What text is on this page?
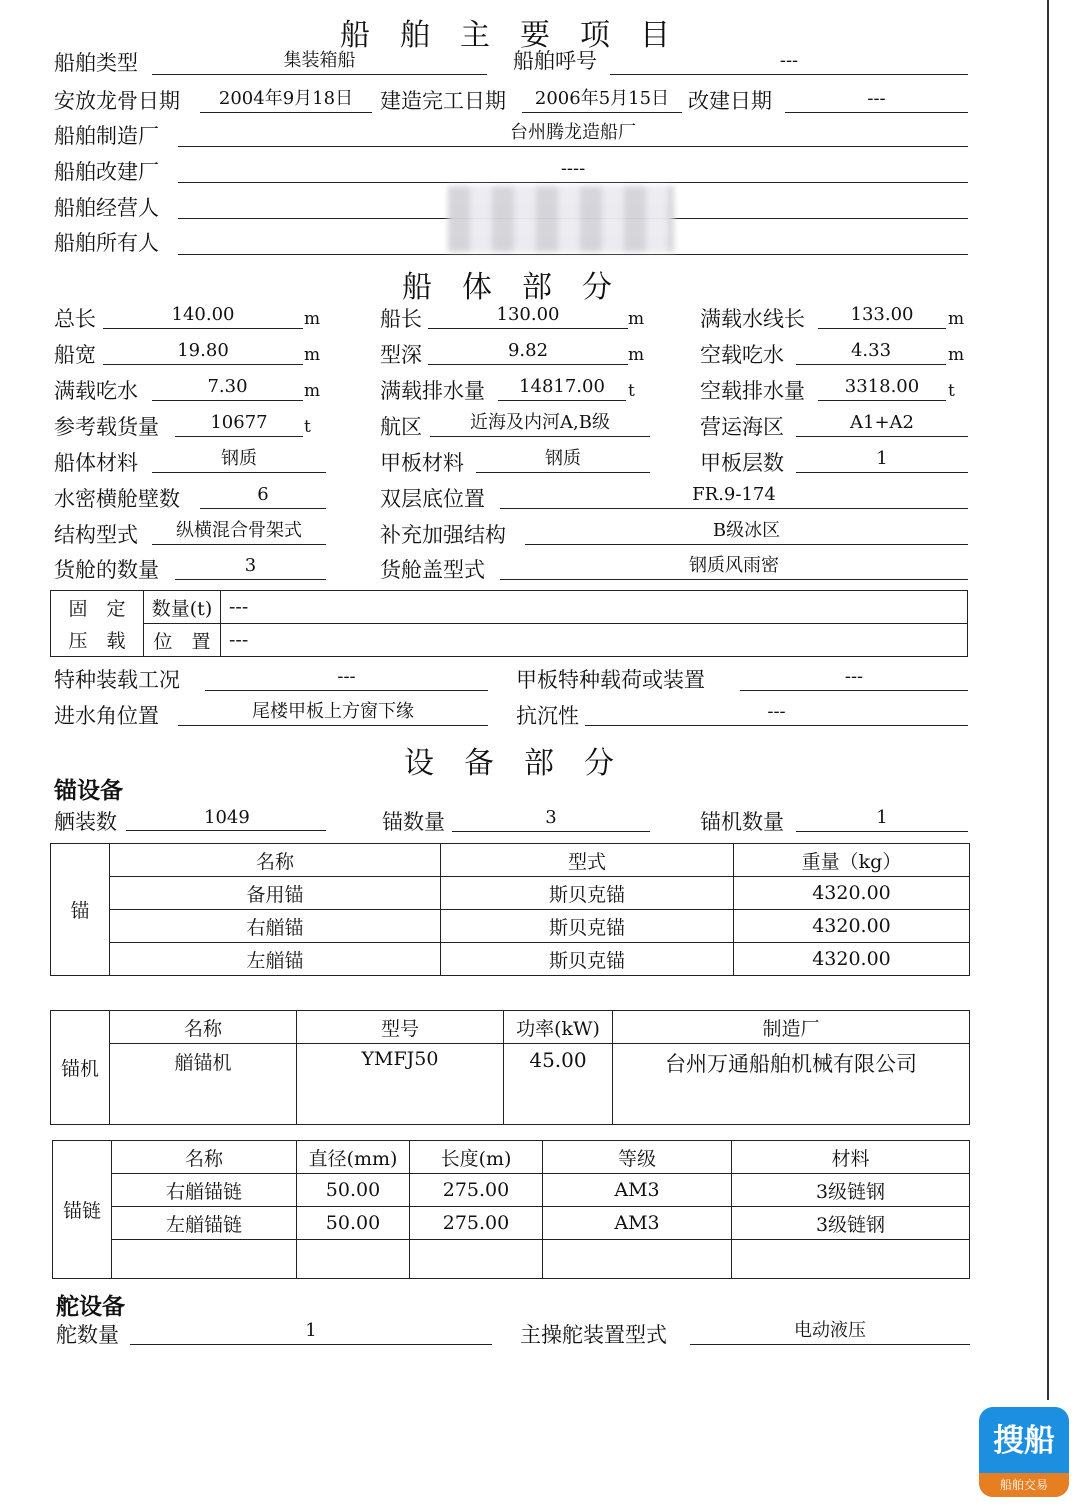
船舶主要项目
船舶类型	集装箱船	船舶呼号	---
安放龙骨日期	2004年9月18日	建造完工日期	2006年5月15日 改建日期	---
船舶制造厂	台州腾龙造船厂
船舶改建厂	----
船舶经营人
船舶所有人
船体部分
总长	140.00	m	船长	130.00	m	满载水线长	133.00	m
船宽	19.80	m	型深	9.82	m	空载吃水	4.33	m
满载吃水	7.30	m	满载排水量	14817.00	t	空载排水量	3318.00	t
参考载货量	10677	t	航区	近海及内河A,B级	营运海区	A1+A2
船体材料	钢质	甲板材料	钢质	甲板层数	1
水密横舱壁数	6	双层底位置	FR.9-174
结构型式	纵横混合骨架式	补充加强结构	B级冰区
货舱的数量	3	货舱盖型式	钢质风雨密
固　定	数量(t)	---
压　载	位　置	---
特种装载工况	---	甲板特种载荷或装置	---
进水角位置	尾楼甲板上方窗下缘	抗沉性	---
设备部分
锚设备
舾装数	1049	锚数量	3	锚机数量	1
锚	名称	型式	重量（kg）
	备用锚	斯贝克锚	4320.00
	右艏锚	斯贝克锚	4320.00
	左艏锚	斯贝克锚	4320.00
锚机	名称	型号	功率(kW)	制造厂
	艏锚机	YMFJ50	45.00	台州万通船舶机械有限公司
锚链	名称	直径(mm)	长度(m)	等级	材料
	右艏锚链	50.00	275.00	AM3	3级链钢
	左艏锚链	50.00	275.00	AM3	3级链钢

舵设备
舵数量	1	主操舵装置型式	电动液压
搜船
船舶交易
